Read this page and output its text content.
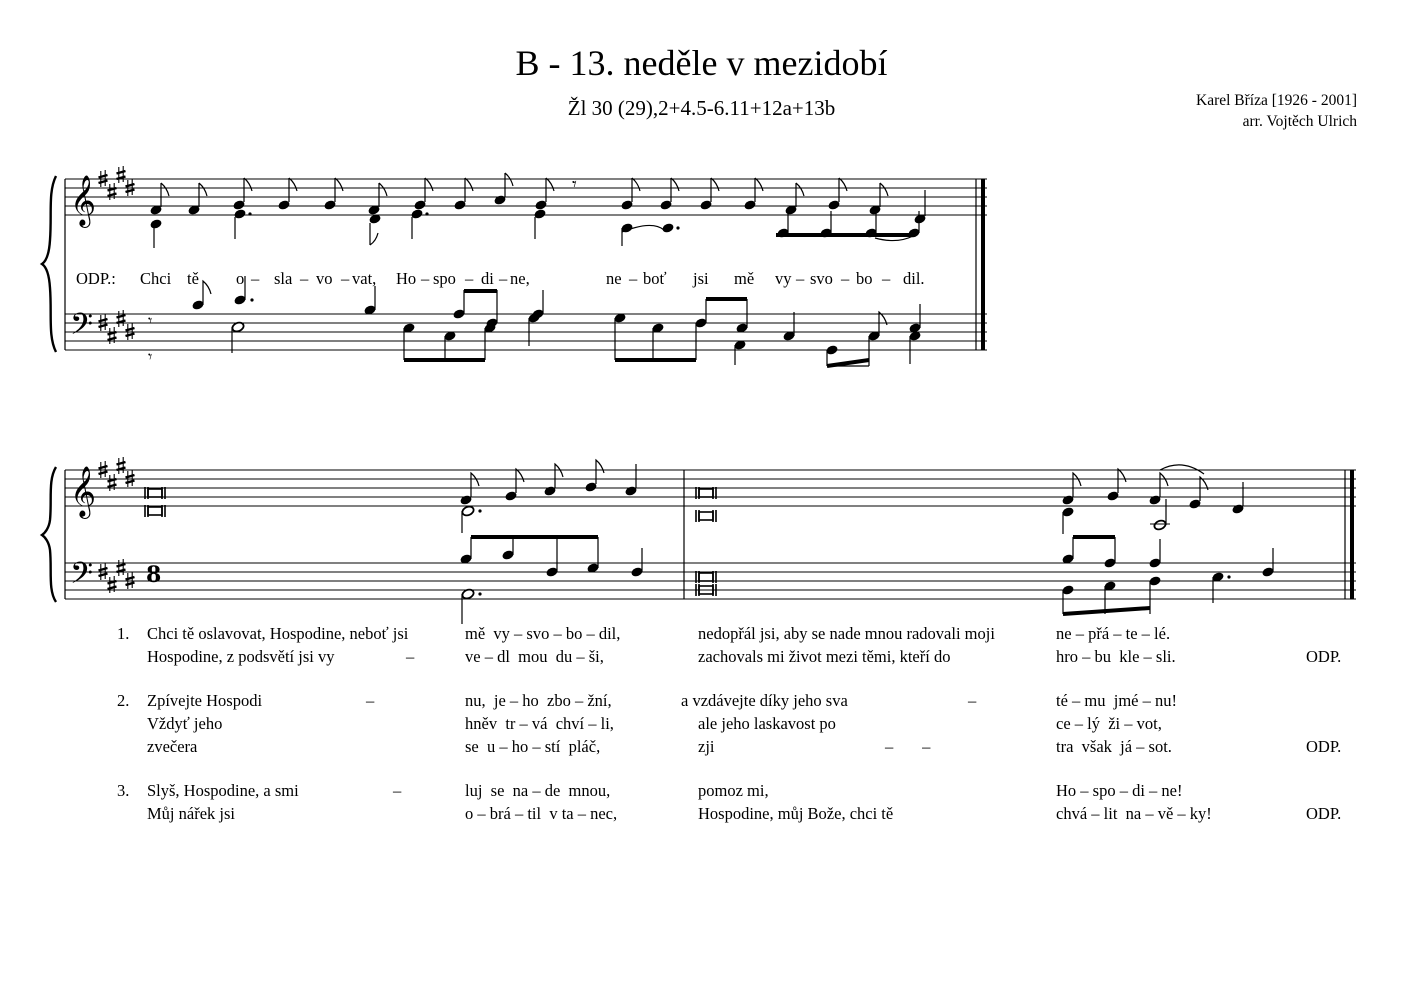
B - 13. neděle v mezidobí
Žl 30 (29),2+4.5-6.11+12a+13b	Karel Bříza [1926 - 2001]
arr. Vojtěch Ulrich
𝄞
𝄢
𝄾
ODP.: Chci tě o – sla – vo – vat, Ho – spo – di – ne,	ne – boť jsi mě vy – svo – bo – dil.
𝄾
𝄾
𝄞
𝄢 8
1. Chci tě oslavovat, Hospodine, neboť jsi	mě  vy – svo – bo – dil,	nedopřál jsi, aby se nade mnou radovali moji	ne – přá – te – lé.
Hospodine, z podsvětí jsi vy	–	ve – dl  mou  du – ši,	zachovals mi život mezi těmi, kteří do	hro – bu  kle – sli.	ODP.
2. Zpívejte Hospodi	–	nu,  je – ho  zbo – žní,	a vzdávejte díky jeho sva	–	té – mu  jmé – nu!
Vždyť jeho	hněv  tr – vá  chví – li,	ale jeho laskavost po	ce – lý  ži – vot,
zvečera	se  u – ho – stí  pláč,	zji	–       –	tra  však  já – sot.	ODP.
3. Slyš, Hospodine, a smi	–	luj  se  na – de  mnou,	pomoz mi,	Ho – spo – di – ne!
Můj nářek jsi	o – brá – til  v ta – nec,	Hospodine, můj Bože, chci tě	chvá – lit  na – vě – ky!	ODP.
